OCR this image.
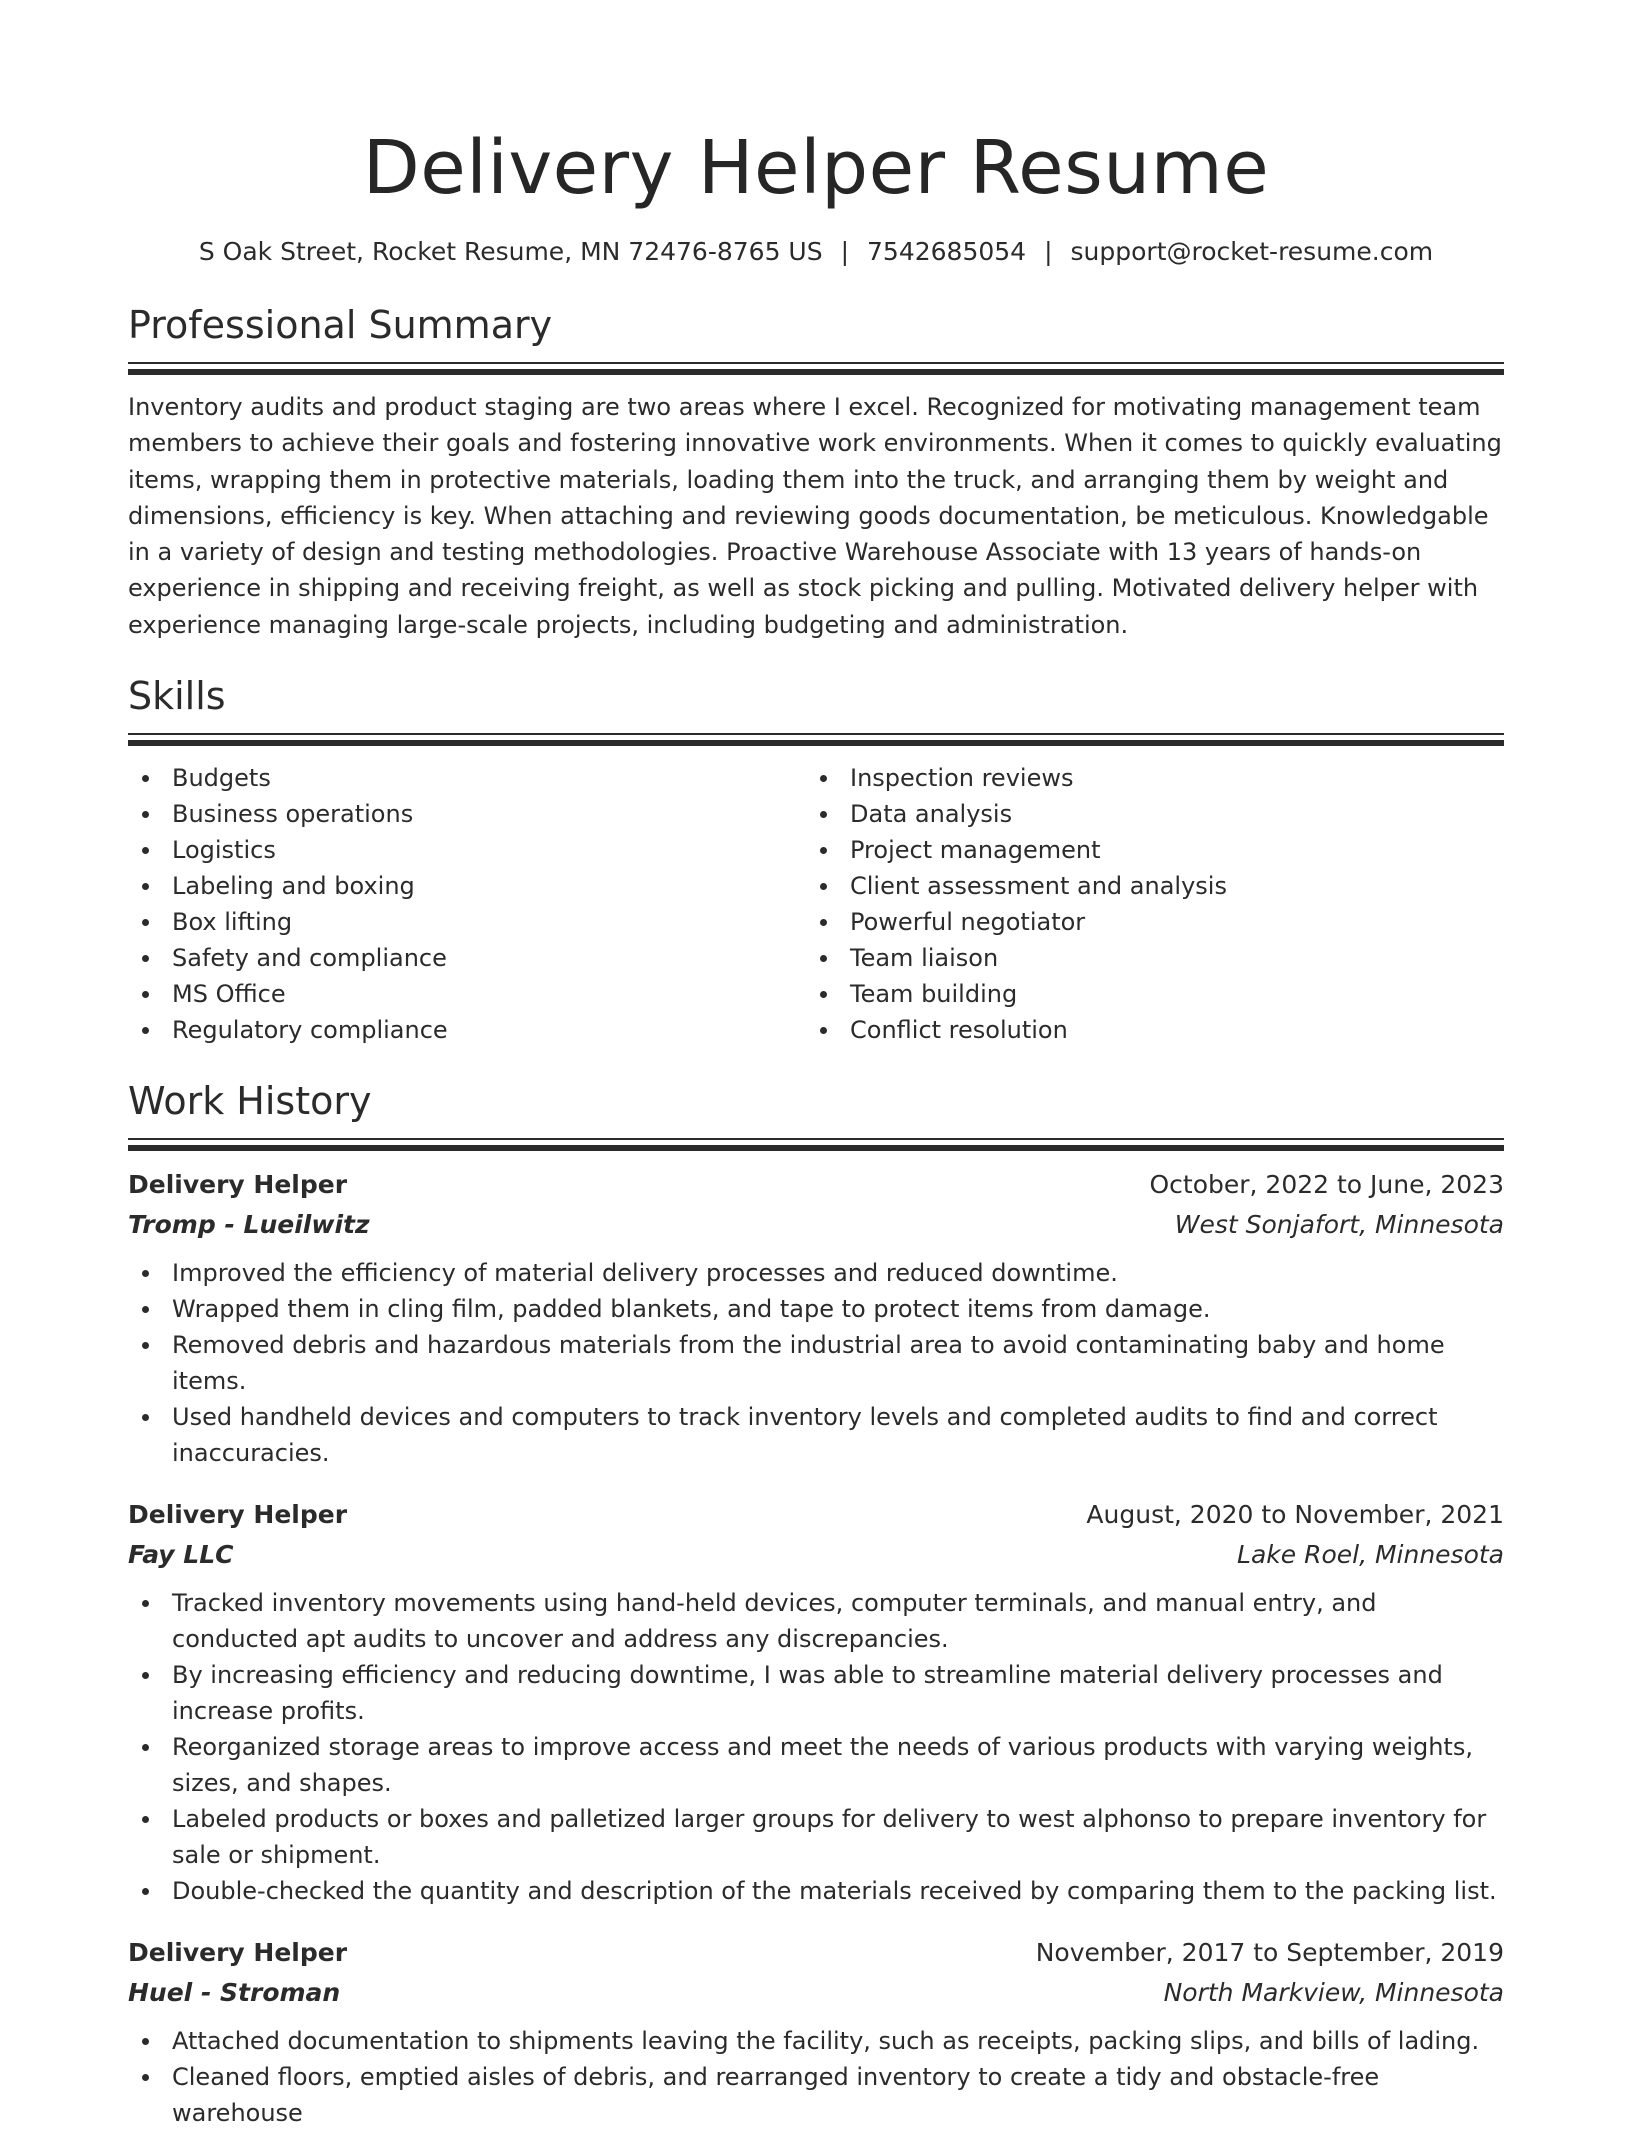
Delivery Helper Resume
S Oak Street, Rocket Resume, MN 72476-8765 US | 7542685054 | support@rocket-resume.com
Professional Summary
Inventory audits and product staging are two areas where I excel. Recognized for motivating management team members to achieve their goals and fostering innovative work environments. When it comes to quickly evaluating items, wrapping them in protective materials, loading them into the truck, and arranging them by weight and dimensions, efficiency is key. When attaching and reviewing goods documentation, be meticulous. Knowledgable in a variety of design and testing methodologies. Proactive Warehouse Associate with 13 years of hands-on experience in shipping and receiving freight, as well as stock picking and pulling. Motivated delivery helper with experience managing large-scale projects, including budgeting and administration.
Skills
Budgets
Business operations
Logistics
Labeling and boxing
Box lifting
Safety and compliance
MS Office
Regulatory compliance
Inspection reviews
Data analysis
Project management
Client assessment and analysis
Powerful negotiator
Team liaison
Team building
Conflict resolution
Work History
Delivery Helper	October, 2022 to June, 2023
Tromp - Lueilwitz	West Sonjafort, Minnesota
Improved the efficiency of material delivery processes and reduced downtime.
Wrapped them in cling film, padded blankets, and tape to protect items from damage.
Removed debris and hazardous materials from the industrial area to avoid contaminating baby and home items.
Used handheld devices and computers to track inventory levels and completed audits to find and correct inaccuracies.
Delivery Helper	August, 2020 to November, 2021
Fay LLC	Lake Roel, Minnesota
Tracked inventory movements using hand-held devices, computer terminals, and manual entry, and conducted apt audits to uncover and address any discrepancies.
By increasing efficiency and reducing downtime, I was able to streamline material delivery processes and increase profits.
Reorganized storage areas to improve access and meet the needs of various products with varying weights, sizes, and shapes.
Labeled products or boxes and palletized larger groups for delivery to west alphonso to prepare inventory for sale or shipment.
Double-checked the quantity and description of the materials received by comparing them to the packing list.
Delivery Helper	November, 2017 to September, 2019
Huel - Stroman	North Markview, Minnesota
Attached documentation to shipments leaving the facility, such as receipts, packing slips, and bills of lading.
Cleaned floors, emptied aisles of debris, and rearranged inventory to create a tidy and obstacle-free warehouse
